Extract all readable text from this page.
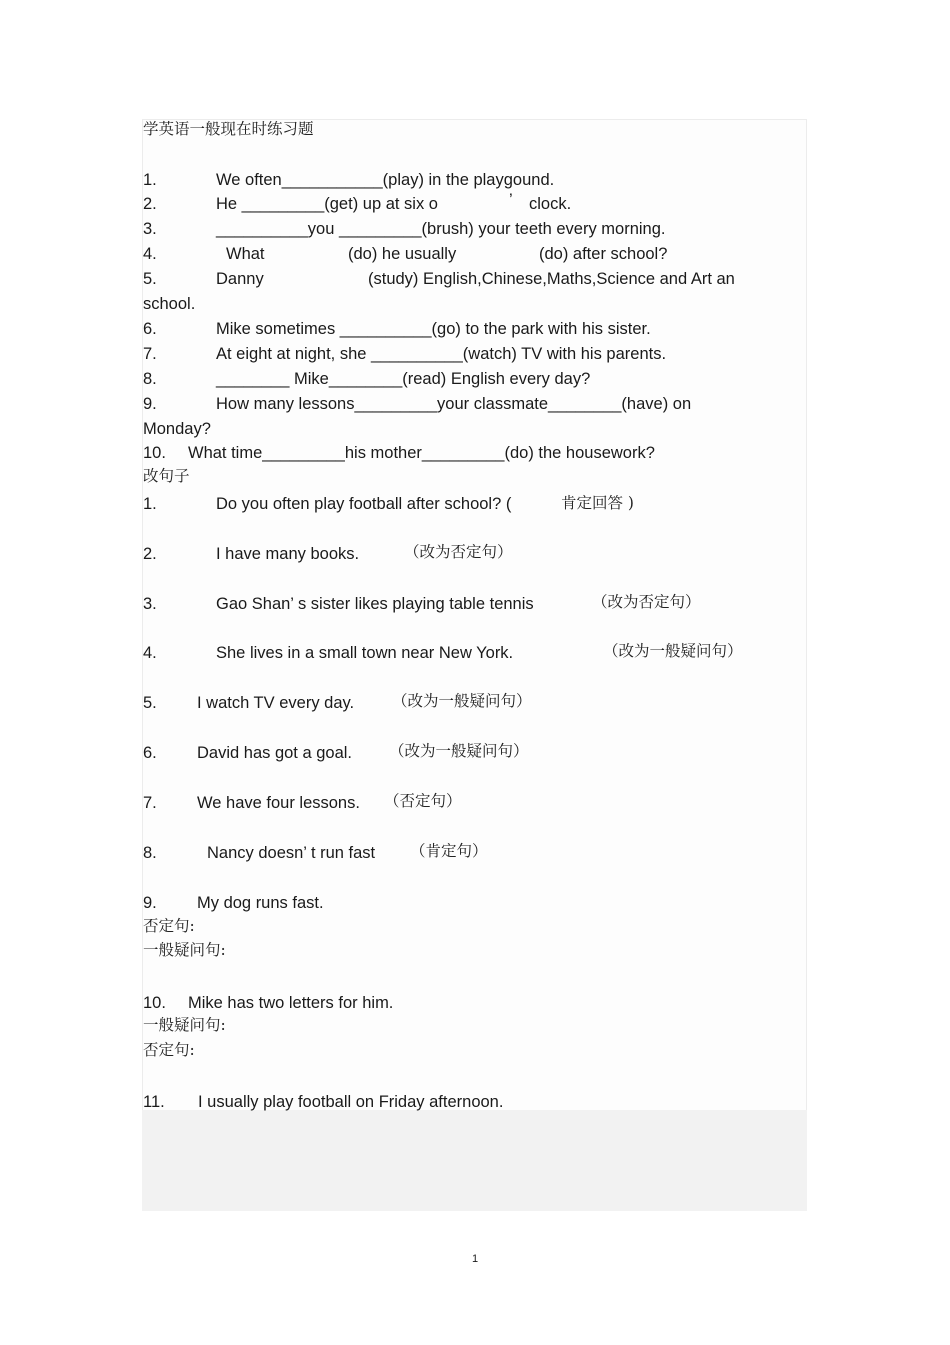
学英语一般现在时练习题
1.	We often___________(play) in the playgound.
2.	He _________(get) up at six o	’ clock.
3.	__________you _________(brush) your teeth every morning.
4.	What	(do) he usually	(do) after school?
5.	Danny	(study) English,Chinese,Maths,Science and Art an
school.
6.	Mike sometimes __________(go) to the park with his sister.
7.	At eight at night, she __________(watch) TV with his parents.
8.	________ Mike________(read) English every day?
9.	How many lessons_________your classmate________(have) on
Monday?
10. What time_________his mother_________(do) the housework?
改句子
1.	Do you often play football after school? (	肯定回答 )
2.	I have many books.	（改为否定句）
3.	Gao Shan’ s sister likes playing table tennis	（改为否定句）
4.	She lives in a small town near New York.	（改为一般疑问句）
5. I watch TV every day. （改为一般疑问句）
6. David has got a goal. （改为一般疑问句）
7. We have four lessons. （否定句）
8.	Nancy doesn’ t run fast （肯定句）
9. My dog runs fast.
否定句:
一般疑问句:
10. Mike has two letters for him.
一般疑问句:
否定句:
11. I usually play football on Friday afternoon.
1
